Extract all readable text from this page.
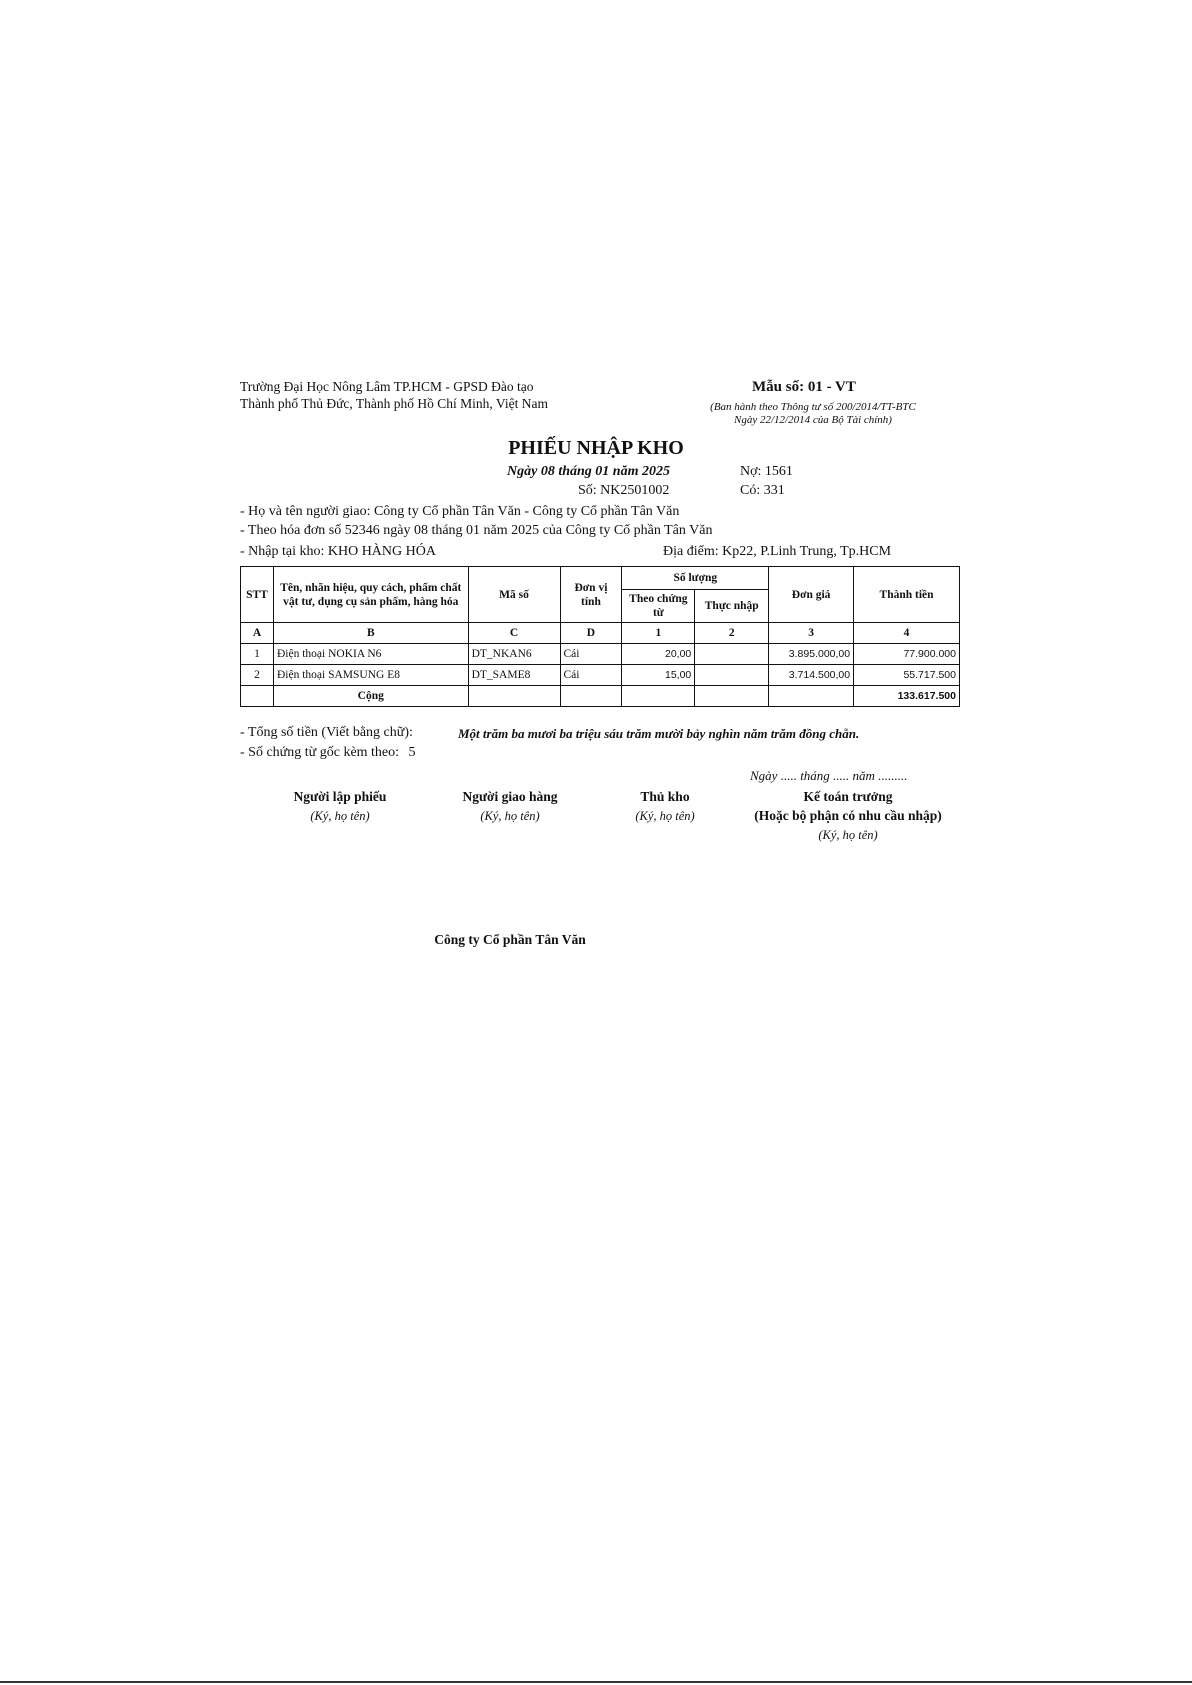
Trường Đại Học Nông Lâm TP.HCM - GPSD Đào tạo
Thành phố Thủ Đức, Thành phố Hồ Chí Minh, Việt Nam
Mẫu số: 01 - VT
(Ban hành theo Thông tư số 200/2014/TT-BTC
Ngày 22/12/2014 của Bộ Tài chính)
PHIẾU NHẬP KHO
Ngày 08 tháng 01 năm 2025
Số: NK2501002
Nợ: 1561
Có: 331
- Họ và tên người giao: Công ty Cổ phần Tân Văn - Công ty Cổ phần Tân Văn
- Theo hóa đơn số 52346 ngày 08 tháng 01 năm 2025 của Công ty Cổ phần Tân Văn
- Nhập tại kho: KHO HÀNG HÓA	Địa điểm: Kp22, P.Linh Trung, Tp.HCM
STT	Tên, nhãn hiệu, quy cách, phẩm chất vật tư, dụng cụ sản phẩm, hàng hóa	Mã số	Đơn vị tính	Số lượng		Đơn giá	Thành tiền
				Theo chứng từ	Thực nhập		
A	B	C	D	1	2	3	4
1	Điện thoại NOKIA N6	DT_NKAN6	Cái	20,00		3.895.000,00	77.900.000
2	Điện thoại SAMSUNG E8	DT_SAME8	Cái	15,00		3.714.500,00	55.717.500
	Cộng						133.617.500
- Tổng số tiền (Viết bằng chữ):	Một trăm ba mươi ba triệu sáu trăm mười bảy nghìn năm trăm đồng chẵn.
- Số chứng từ gốc kèm theo: 5
Ngày ..... tháng ..... năm .........
Người lập phiếu
(Ký, họ tên)
Người giao hàng
(Ký, họ tên)
Thủ kho
(Ký, họ tên)
Kế toán trưởng
(Hoặc bộ phận có nhu cầu nhập)
(Ký, họ tên)
Công ty Cổ phần Tân Văn
